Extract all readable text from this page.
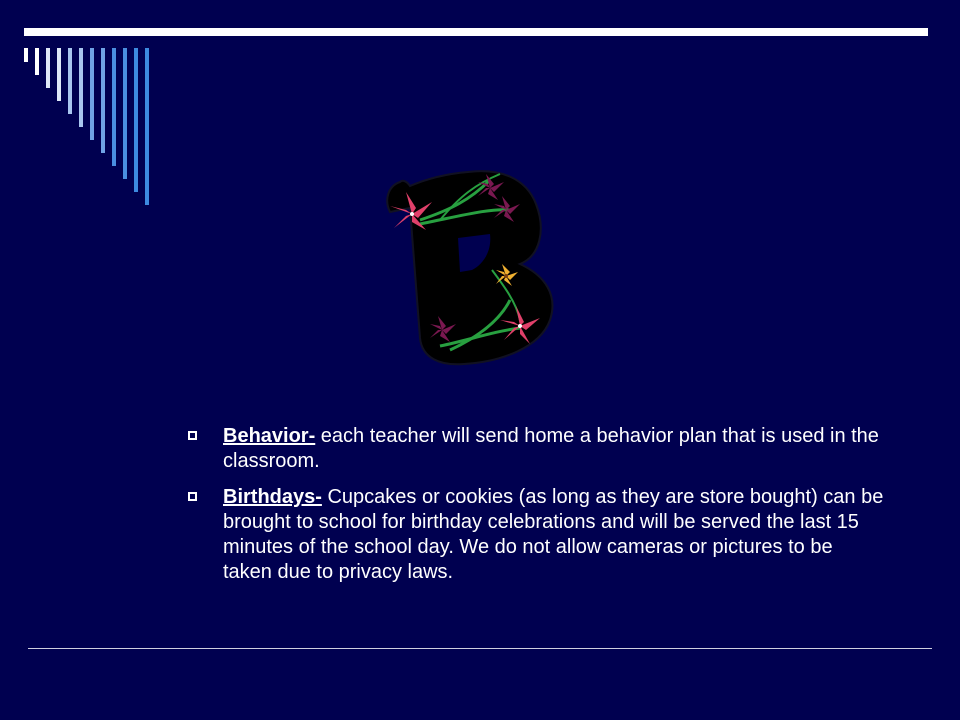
Behavior- each teacher will send home a behavior plan that is used in the classroom.
Birthdays- Cupcakes or cookies (as long as they are store bought) can be brought to school for birthday celebrations and will be served the last 15 minutes of the school day. We do not allow cameras or pictures to be taken due to privacy laws.
